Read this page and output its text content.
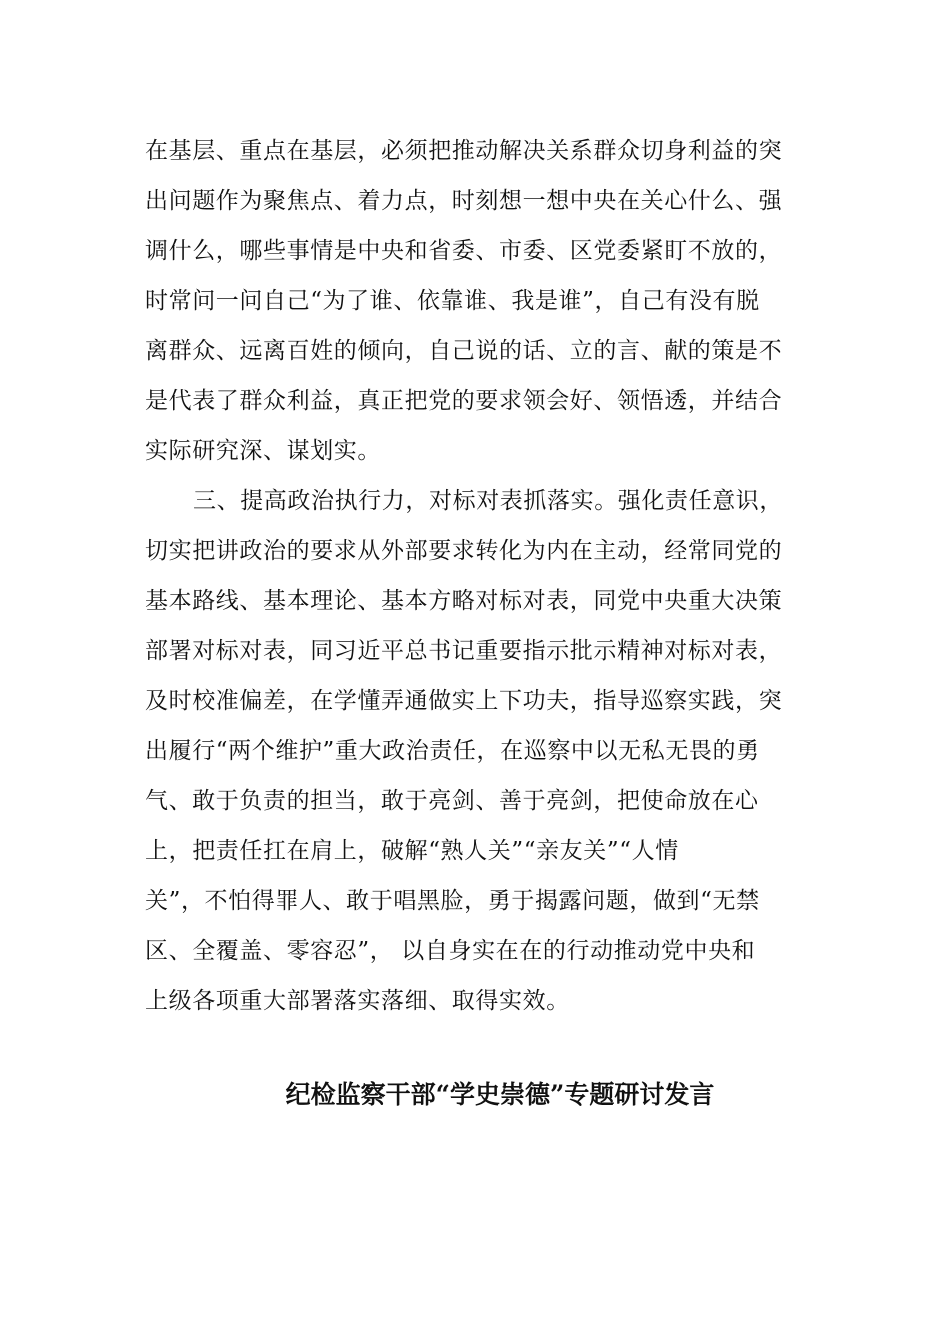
在基层、重点在基层，必须把推动解决关系群众切身利益的突
出问题作为聚焦点、着力点，时刻想一想中央在关心什么、强
调什么，哪些事情是中央和省委、市委、区党委紧盯不放的，
时常问一问自己“为了谁、依靠谁、我是谁”，自己有没有脱
离群众、远离百姓的倾向，自己说的话、立的言、献的策是不
是代表了群众利益，真正把党的要求领会好、领悟透，并结合
实际研究深、谋划实。
三、提高政治执行力，对标对表抓落实。强化责任意识，
切实把讲政治的要求从外部要求转化为内在主动，经常同党的
基本路线、基本理论、基本方略对标对表，同党中央重大决策
部署对标对表，同习近平总书记重要指示批示精神对标对表，
及时校准偏差，在学懂弄通做实上下功夫，指导巡察实践，突
出履行“两个维护”重大政治责任，在巡察中以无私无畏的勇
气、敢于负责的担当，敢于亮剑、善于亮剑，把使命放在心
上，把责任扛在肩上，破解“熟人关”“亲友关”“人情
关”，不怕得罪人、敢于唱黑脸，勇于揭露问题，做到“无禁
区、全覆盖、零容忍”， 以自身实在在的行动推动党中央和
上级各项重大部署落实落细、取得实效。
纪检监察干部“学史崇德”专题研讨发言
